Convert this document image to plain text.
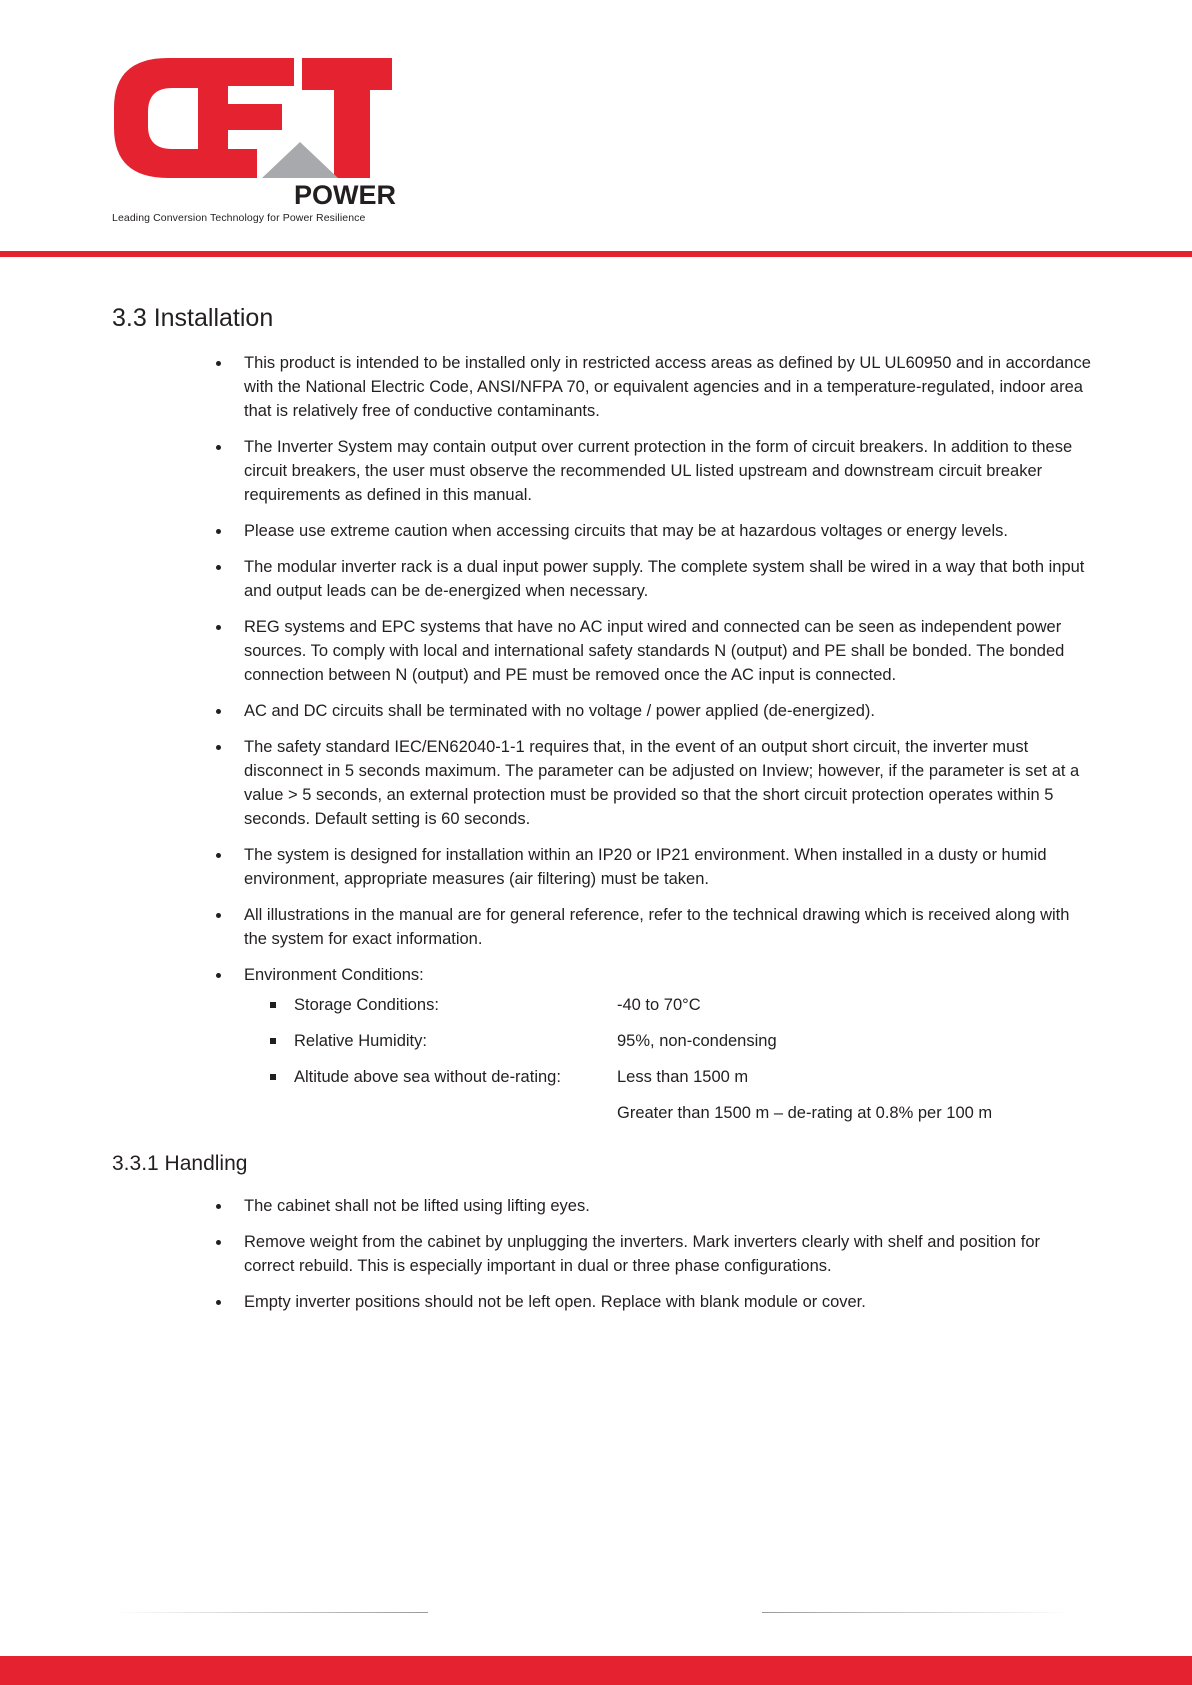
POWER
Leading Conversion Technology for Power Resilience
3.3 Installation
This product is intended to be installed only in restricted access areas as defined by UL UL60950 and in accordance with the National Electric Code, ANSI/NFPA 70, or equivalent agencies and in a temperature-regulated, indoor area that is relatively free of conductive contaminants.
The Inverter System may contain output over current protection in the form of circuit breakers. In addition to these circuit breakers, the user must observe the recommended UL listed upstream and downstream circuit breaker requirements as defined in this manual.
Please use extreme caution when accessing circuits that may be at hazardous voltages or energy levels.
The modular inverter rack is a dual input power supply. The complete system shall be wired in a way that both input and output leads can be de-energized when necessary.
REG systems and EPC systems that have no AC input wired and connected can be seen as independent power sources. To comply with local and international safety standards N (output) and PE shall be bonded. The bonded connection between N (output) and PE must be removed once the AC input is connected.
AC and DC circuits shall be terminated with no voltage / power applied (de-energized).
The safety standard IEC/EN62040-1-1 requires that, in the event of an output short circuit, the inverter must disconnect in 5 seconds maximum. The parameter can be adjusted on Inview; however, if the parameter is set at a value > 5 seconds, an external protection must be provided so that the short circuit protection operates within 5 seconds. Default setting is 60 seconds.
The system is designed for installation within an IP20 or IP21 environment. When installed in a dusty or humid environment, appropriate measures (air filtering) must be taken.
All illustrations in the manual are for general reference, refer to the technical drawing which is received along with the system for exact information.
Environment Conditions:
	Storage Conditions:	-40 to 70°C

	Relative Humidity:	95%, non-condensing

	Altitude above sea without de-rating:	Less than 1500 m
		Greater than 1500 m – de-rating at 0.8% per 100 m
3.3.1 Handling
The cabinet shall not be lifted using lifting eyes.
Remove weight from the cabinet by unplugging the inverters. Mark inverters clearly with shelf and position for correct rebuild. This is especially important in dual or three phase configurations.
Empty inverter positions should not be left open. Replace with blank module or cover.
